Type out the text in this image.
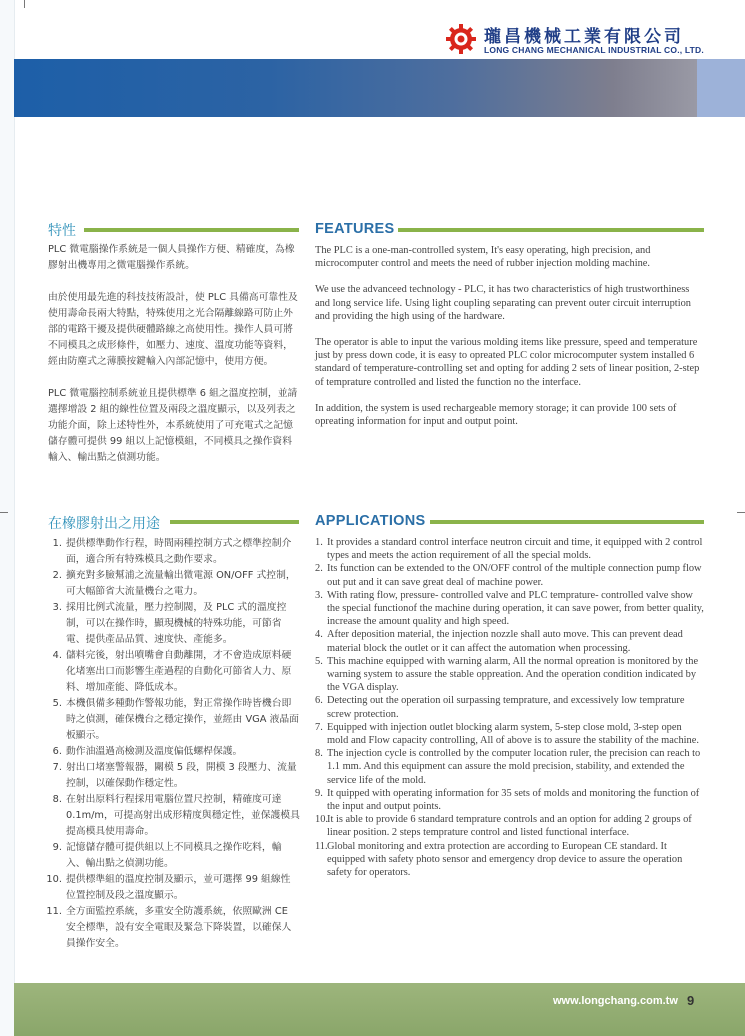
瓏昌機械工業有限公司
LONG CHANG MECHANICAL INDUSTRIAL CO., LTD.
特性	FEATURES

PLC 微電腦操作系統是一個人員操作方便、精確度，為橡膠射出機專用之微電腦操作系統。

由於使用最先進的科技技術設計，使 PLC 具備高可靠性及使用壽命長兩大特點，特殊使用之光合隔離線路可防止外部的電路干擾及提供硬體路線之高使用性。操作人員可將不同模具之成形條件，如壓力、速度、溫度功能等資料，經由防塵式之薄膜按鍵輸入內部記憶中，使用方便。

PLC 微電腦控制系統並且提供標準 6 組之溫度控制，並請選擇增設 2 組的線性位置及兩段之溫度顯示，以及列表之功能介面，除上述特性外，本系統使用了可充電式之記憶儲存體可提供 99 組以上記憶模組，不同模具之操作資料輸入、輸出點之偵測功能。

The PLC is a one-man-controlled system, It's easy operating, high precision, and microcomputer control and meets the need of rubber injection molding machine.

We use the advanceed technology - PLC, it has two characteristics of high trustworthiness and long service life. Using light coupling separating can prevent outer circuit interruption and providing the high using of the hardware.

The operator is able to input the various molding items like pressure, speed and temperature just by press down code, it is easy to opreated PLC color microcomputer system installed 6 standard of temperature-controlling set and opting for adding 2 sets of linear position, 2-step of temprature controlled and listed the function no the interface.

In addition, the system is used rechargeable memory storage; it can provide 100 sets of opreating information for input and output point.

在橡膠射出之用途	APPLICATIONS
1. 提供標準動作行程，時間兩種控制方式之標準控制介面，適合所有特殊模具之動作要求。
2. 擴充對多臉幫浦之流量輸出微電源 ON/OFF 式控制，可大幅節省大流量機台之電力。
3. 採用比例式流量，壓力控制閥，及 PLC 式的溫度控制，可以在操作時，顯現機械的特殊功能，可節省電、提供產品品質、速度快、產能多。
4. 儲料完後，射出噴嘴會自動離開，才不會造成原料硬化堵塞出口而影響生產過程的自動化可節省人力、原料、增加產能、降低成本。
5. 本機俱備多種動作警報功能，對正常操作時皆機台即時之偵測，確保機台之穩定操作，並經由 VGA 液晶面板顯示。
6. 動作油溫過高檢測及溫度偏低螺桿保護。
7. 射出口堵塞警報器，關模 5 段，開模 3 段壓力、流量控制，以確保動作穩定性。
8. 在射出原料行程採用電腦位置尺控制，精確度可達 0.1m/m，可提高射出成形精度與穩定性，並保護模具提高模具使用壽命。
9. 記憶儲存體可提供組以上不同模具之操作吃料，輸入、輸出點之偵測功能。
10. 提供標準組的溫度控制及顯示，並可選擇 99 組線性位置控制及段之溫度顯示。
11. 全方面監控系統，多重安全防護系統，依照歐洲 CE 安全標準，設有安全電眼及緊急下降裝置，以確保人員操作安全。
1. It provides a standard control interface neutron circuit and time, it equipped with 2 control types and meets the action requirement of all the special molds.
2. Its function can be extended to the ON/OFF control of the multiple connection pump flow out put and it can save great deal of machine power.
3. With rating flow, pressure- controlled valve and PLC temprature- controlled valve show the special functionof the machine during operation, it can save power, from better quality, increase the amount quality and high speed.
4. After deposition material, the injection nozzle shall auto move. This can prevent dead material block the outlet or it can affect the automation when processing.
5. This machine equipped with warning alarm, All the normal opreation is monitored by the warning system to assure the stable oppreation. And the operation condition indicated by the VGA display.
6. Detecting out the operation oil surpassing temprature, and excessively low temprature screw protection.
7. Equipped with injection outlet blocking alarm system, 5-step close mold, 3-step open mold and Flow capacity controlling, All of above is to assure the stability of the machine.
8. The injection cycle is controlled by the computer location ruler, the precision can reach to 1.1 mm. And this equipment can assure the mold precision, stability, and extended the service life of the mold.
9. It quipped with operating information for 35 sets of molds and monitoring the function of the input and output points.
10. It is able to provide 6 standard temprature controls and an option for adding 2 groups of linear position. 2 steps temprature control and listed functional interface.
11. Global monitoring and extra protection are according to European CE standard. It equipped with safety photo sensor and emergency drop device to assure the operation safety for operators.
www.longchang.com.tw 9
